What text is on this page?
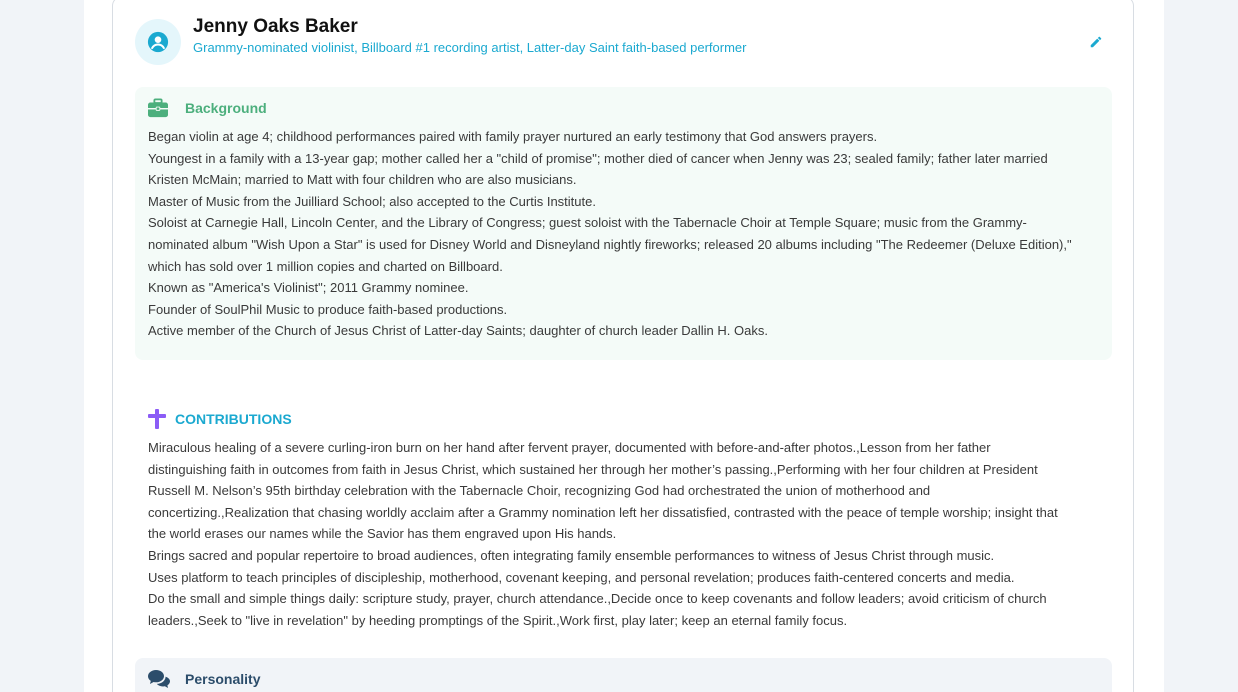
Jenny Oaks Baker
Grammy-nominated violinist, Billboard #1 recording artist, Latter-day Saint faith-based performer
Background

Began violin at age 4; childhood performances paired with family prayer nurtured an early testimony that God answers prayers.

Youngest in a family with a 13-year gap; mother called her a "child of promise"; mother died of cancer when Jenny was 23; sealed family; father later married

Kristen McMain; married to Matt with four children who are also musicians.

Master of Music from the Juilliard School; also accepted to the Curtis Institute.

Soloist at Carnegie Hall, Lincoln Center, and the Library of Congress; guest soloist with the Tabernacle Choir at Temple Square; music from the Grammy-

nominated album "Wish Upon a Star" is used for Disney World and Disneyland nightly fireworks; released 20 albums including "The Redeemer (Deluxe Edition),"

which has sold over 1 million copies and charted on Billboard.

Known as "America's Violinist"; 2011 Grammy nominee.

Founder of SoulPhil Music to produce faith-based productions.

Active member of the Church of Jesus Christ of Latter-day Saints; daughter of church leader Dallin H. Oaks.

CONTRIBUTIONS

Miraculous healing of a severe curling-iron burn on her hand after fervent prayer, documented with before-and-after photos.,Lesson from her father

distinguishing faith in outcomes from faith in Jesus Christ, which sustained her through her mother’s passing.,Performing with her four children at President

Russell M. Nelson’s 95th birthday celebration with the Tabernacle Choir, recognizing God had orchestrated the union of motherhood and

concertizing.,Realization that chasing worldly acclaim after a Grammy nomination left her dissatisfied, contrasted with the peace of temple worship; insight that

the world erases our names while the Savior has them engraved upon His hands.

Brings sacred and popular repertoire to broad audiences, often integrating family ensemble performances to witness of Jesus Christ through music.

Uses platform to teach principles of discipleship, motherhood, covenant keeping, and personal revelation; produces faith-centered concerts and media.

Do the small and simple things daily: scripture study, prayer, church attendance.,Decide once to keep covenants and follow leaders; avoid criticism of church

leaders.,Seek to "live in revelation" by heeding promptings of the Spirit.,Work first, play later; keep an eternal family focus.

Personality
